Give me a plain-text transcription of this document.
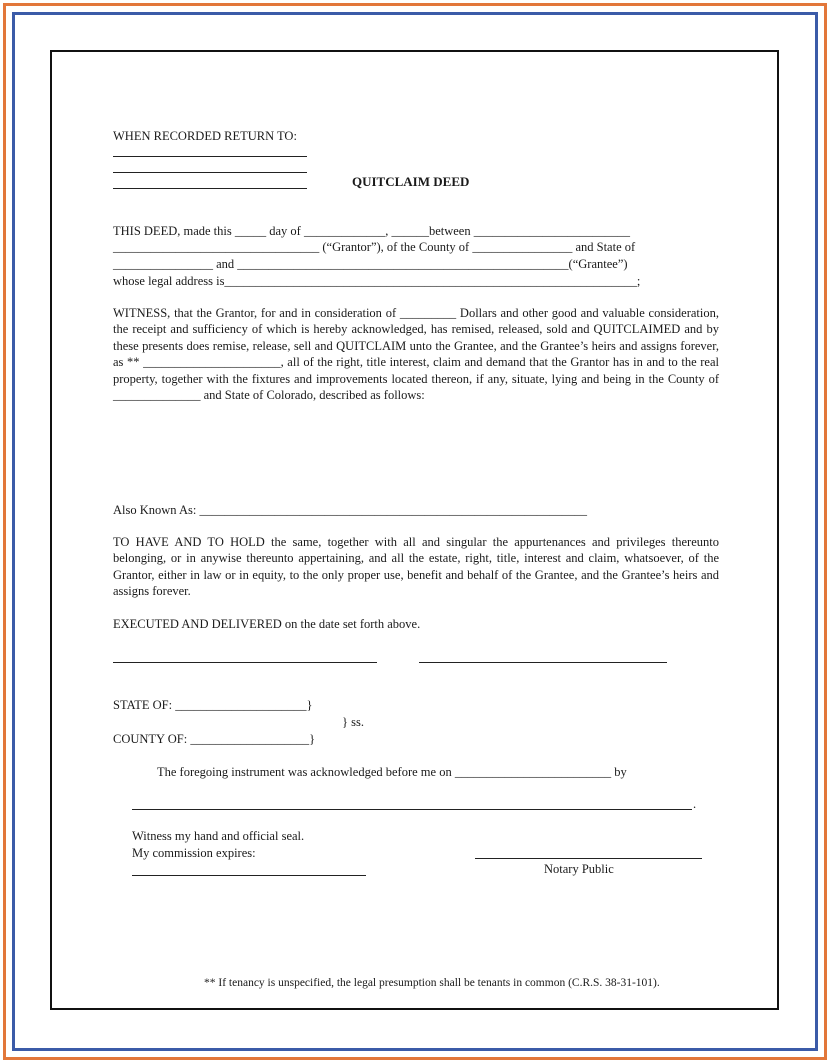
WHEN RECORDED RETURN TO:
QUITCLAIM DEED
THIS DEED, made this _____ day of _____________, ______between _________________________
_________________________________ (“Grantor”), of the County of ________________ and State of
________________ and _____________________________________________________(“Grantee”)
whose legal address is__________________________________________________________________;
WITNESS, that the Grantor, for and in consideration of _________ Dollars and other good and valuable consideration, the receipt and sufficiency of which is hereby acknowledged, has remised, released, sold and QUITCLAIMED and by these presents does remise, release, sell and QUITCLAIM unto the Grantee, and the Grantee’s heirs and assigns forever, as ** ______________________, all of the right, title interest, claim and demand that the Grantor has in and to the real property, together with the fixtures and improvements located thereon, if any, situate, lying and being in the County of ______________ and State of Colorado, described as follows:
Also Known As: ______________________________________________________________
TO HAVE AND TO HOLD the same, together with all and singular the appurtenances and privileges thereunto belonging, or in anywise thereunto appertaining, and all the estate, right, title, interest and claim, whatsoever, of the Grantor, either in law or in equity, to the only proper use, benefit and behalf of the Grantee, and the Grantee’s heirs and assigns forever.
EXECUTED AND DELIVERED on the date set forth above.
STATE OF: _____________________}
} ss.
COUNTY OF: ___________________}
The foregoing instrument was acknowledged before me on _________________________ by
.
Witness my hand and official seal.
My commission expires:
Notary Public
** If tenancy is unspecified, the legal presumption shall be tenants in common (C.R.S. 38-31-101).
